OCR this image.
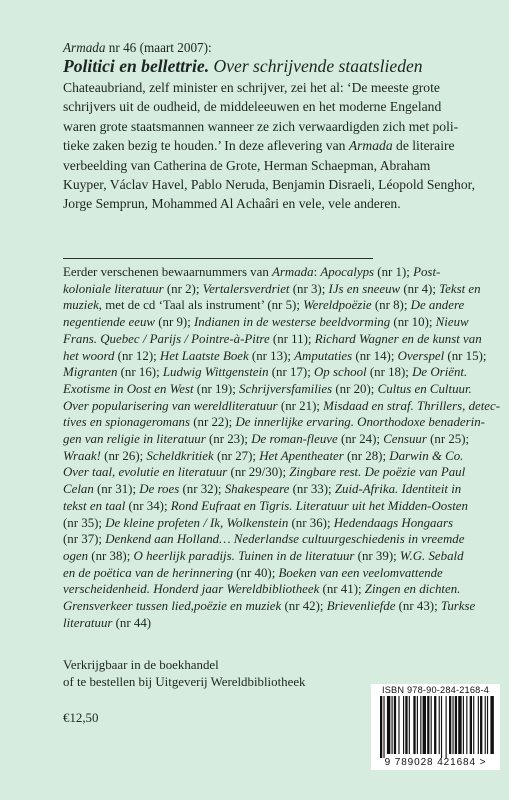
Armada nr 46 (maart 2007):
Politici en bellettrie. Over schrijvende staatslieden
Chateaubriand, zelf minister en schrijver, zei het al: ‘De meeste grote
schrijvers uit de oudheid, de middeleeuwen en het moderne Engeland
waren grote staatsmannen wanneer ze zich verwaardigden zich met poli-
tieke zaken bezig te houden.’ In deze aflevering van Armada de literaire
verbeelding van Catherina de Grote, Herman Schaepman, Abraham
Kuyper, Václav Havel, Pablo Neruda, Benjamin Disraeli, Léopold Senghor,
Jorge Semprun, Mohammed Al Achaâri en vele, vele anderen.
Eerder verschenen bewaarnummers van Armada: Apocalyps (nr 1); Post-
koloniale literatuur (nr 2); Vertalersverdriet (nr 3); IJs en sneeuw (nr 4); Tekst en
muziek, met de cd ‘Taal als instrument’ (nr 5); Wereldpoëzie (nr 8); De andere
negentiende eeuw (nr 9); Indianen in de westerse beeldvorming (nr 10); Nieuw
Frans. Quebec / Parijs / Pointre-à-Pitre (nr 11); Richard Wagner en de kunst van
het woord (nr 12); Het Laatste Boek (nr 13); Amputaties (nr 14); Overspel (nr 15);
Migranten (nr 16); Ludwig Wittgenstein (nr 17); Op school (nr 18); De Oriënt.
Exotisme in Oost en West (nr 19); Schrijversfamilies (nr 20); Cultus en Cultuur.
Over popularisering van wereldliteratuur (nr 21); Misdaad en straf. Thrillers, detec-
tives en spionageromans (nr 22); De innerlijke ervaring. Onorthodoxe benaderin-
gen van religie in literatuur (nr 23); De roman-fleuve (nr 24); Censuur (nr 25);
Wraak! (nr 26); Scheldkritiek (nr 27); Het Apentheater (nr 28); Darwin & Co.
Over taal, evolutie en literatuur (nr 29/30); Zingbare rest. De poëzie van Paul
Celan (nr 31); De roes (nr 32); Shakespeare (nr 33); Zuid-Afrika. Identiteit in
tekst en taal (nr 34); Rond Eufraat en Tigris. Literatuur uit het Midden-Oosten
(nr 35); De kleine profeten / Ik, Wolkenstein (nr 36); Hedendaags Hongaars
(nr 37); Denkend aan Holland… Nederlandse cultuurgeschiedenis in vreemde
ogen (nr 38); O heerlijk paradijs. Tuinen in de literatuur (nr 39); W.G. Sebald
en de poëtica van de herinnering (nr 40); Boeken van een veelomvattende
verscheidenheid. Honderd jaar Wereldbibliotheek (nr 41); Zingen en dichten.
Grensverkeer tussen lied,poëzie en muziek (nr 42); Brievenliefde (nr 43); Turkse
literatuur (nr 44)
Verkrijgbaar in de boekhandel
of te bestellen bij Uitgeverij Wereldbibliotheek
€12,50
ISBN 978-90-284-2168-4
9 789028 421684 >
